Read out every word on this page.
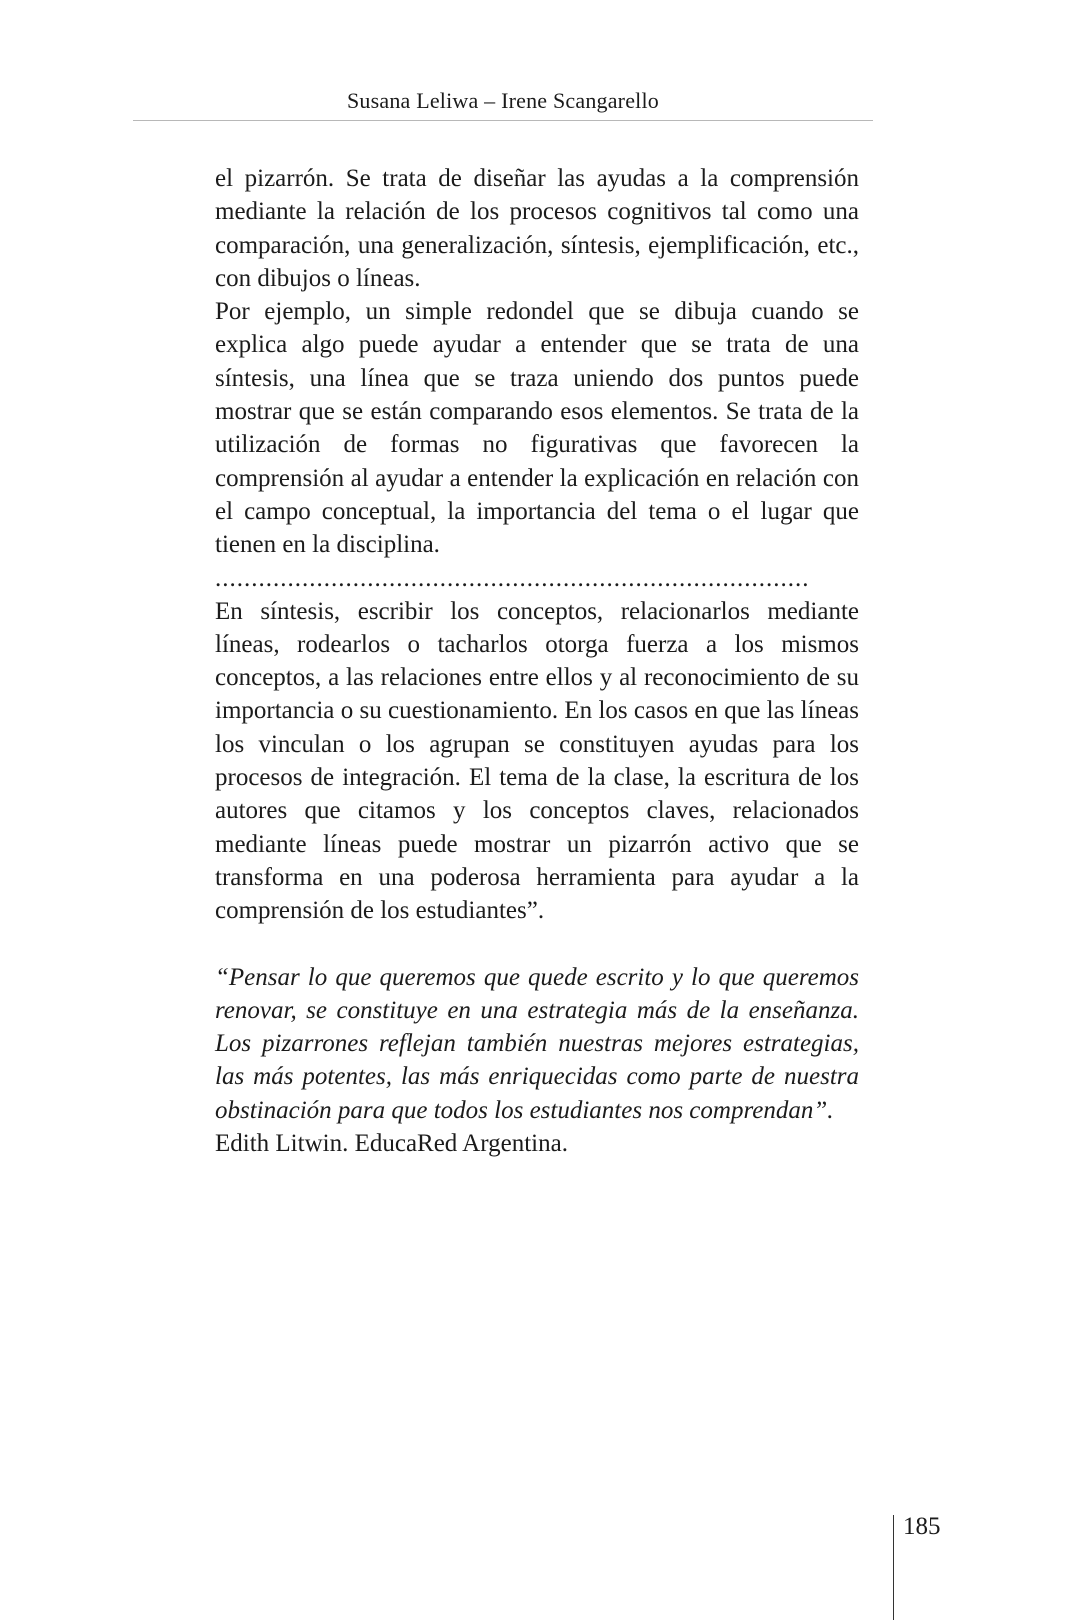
Susana Leliwa – Irene Scangarello

el pizarrón. Se trata de diseñar las ayudas a la comprensión mediante la relación de los procesos cognitivos tal como una comparación, una generalización, síntesis, ejemplificación, etc., con dibujos o líneas.

Por ejemplo, un simple redondel que se dibuja cuando se explica algo puede ayudar a entender que se trata de una síntesis, una línea que se traza uniendo dos puntos puede mostrar que se están comparando esos elementos. Se trata de la utilización de formas no figurativas que favorecen la comprensión al ayudar a entender la explicación en relación con el campo conceptual, la importancia del tema o el lugar que tienen en la disciplina.

..................................................................................

En síntesis, escribir los conceptos, relacionarlos mediante líneas, rodearlos o tacharlos otorga fuerza a los mismos conceptos, a las relaciones entre ellos y al reconocimiento de su importancia o su cuestionamiento. En los casos en que las líneas los vinculan o los agrupan se constituyen ayudas para los procesos de integración. El tema de la clase, la escritura de los autores que citamos y los conceptos claves, relacionados mediante líneas puede mostrar un pizarrón activo que se transforma en una poderosa herramienta para ayudar a la comprensión de los estudiantes”.

“Pensar lo que queremos que quede escrito y lo que queremos renovar, se constituye en una estrategia más de la enseñanza. Los pizarrones reflejan también nuestras mejores estrategias, las más potentes, las más enriquecidas como parte de nuestra obstinación para que todos los estudiantes nos comprendan”.

Edith Litwin. EducaRed Argentina.

185
